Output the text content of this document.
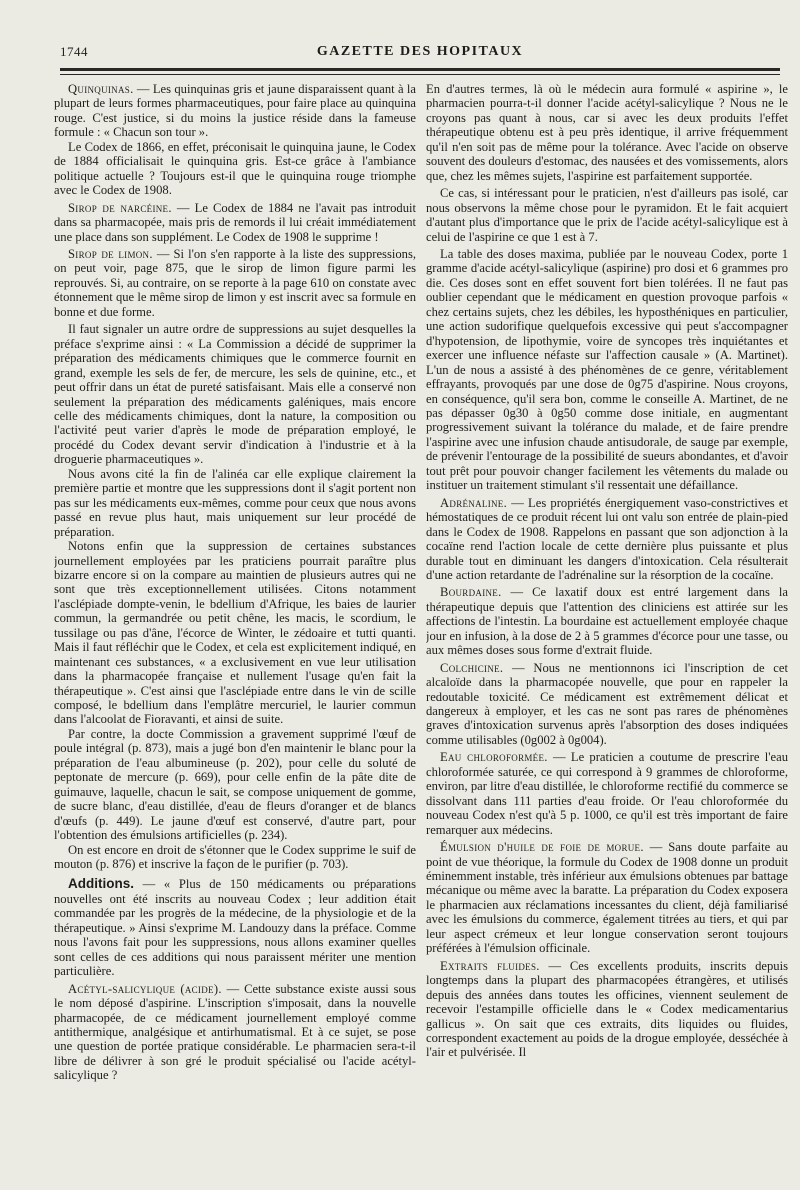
1744	GAZETTE DES HOPITAUX

Quinquinas. — Les quinquinas gris et jaune disparaissent quant à la plupart de leurs formes pharmaceutiques, pour faire place au quinquina rouge. C'est justice, si du moins la justice réside dans la fameuse formule : « Chacun son tour ».

Le Codex de 1866, en effet, préconisait le quinquina jaune, le Codex de 1884 officialisait le quinquina gris. Est-ce grâce à l'ambiance politique actuelle ? Toujours est-il que le quinquina rouge triomphe avec le Codex de 1908.

Sirop de narcéine. — Le Codex de 1884 ne l'avait pas introduit dans sa pharmacopée, mais pris de remords il lui créait immédiatement une place dans son supplément. Le Codex de 1908 le supprime !

Sirop de limon. — Si l'on s'en rapporte à la liste des suppressions, on peut voir, page 875, que le sirop de limon figure parmi les reprouvés. Si, au contraire, on se reporte à la page 610 on constate avec étonnement que le même sirop de limon y est inscrit avec sa formule en bonne et due forme.

Il faut signaler un autre ordre de suppressions au sujet desquelles la préface s'exprime ainsi : « La Commission a décidé de supprimer la préparation des médicaments chimiques que le commerce fournit en grand, exemple les sels de fer, de mercure, les sels de quinine, etc., et peut offrir dans un état de pureté satisfaisant. Mais elle a conservé non seulement la préparation des médicaments galéniques, mais encore celle des médicaments chimiques, dont la nature, la composition ou l'activité peut varier d'après le mode de préparation employé, le procédé du Codex devant servir d'indication à l'industrie et à la droguerie pharmaceutiques ».

Nous avons cité la fin de l'alinéa car elle explique clairement la première partie et montre que les suppressions dont il s'agit portent non pas sur les médicaments eux-mêmes, comme pour ceux que nous avons passé en revue plus haut, mais uniquement sur leur procédé de préparation.

Notons enfin que la suppression de certaines substances journellement employées par les praticiens pourrait paraître plus bizarre encore si on la compare au maintien de plusieurs autres qui ne sont que très exceptionnellement utilisées. Citons notamment l'asclépiade dompte-venin, le bdellium d'Afrique, les baies de laurier commun, la germandrée ou petit chêne, les macis, le scordium, le tussilage ou pas d'âne, l'écorce de Winter, le zédoaire et tutti quanti. Mais il faut réfléchir que le Codex, et cela est explicitement indiqué, en maintenant ces substances, « a exclusivement en vue leur utilisation dans la pharmacopée française et nullement l'usage qu'en fait la thérapeutique ». C'est ainsi que l'asclépiade entre dans le vin de scille composé, le bdellium dans l'emplâtre mercuriel, le laurier commun dans l'alcoolat de Fioravanti, et ainsi de suite.

Par contre, la docte Commission a gravement supprimé l'œuf de poule intégral (p. 873), mais a jugé bon d'en maintenir le blanc pour la préparation de l'eau albumineuse (p. 202), pour celle du soluté de peptonate de mercure (p. 669), pour celle enfin de la pâte dite de guimauve, laquelle, chacun le sait, se compose uniquement de gomme, de sucre blanc, d'eau distillée, d'eau de fleurs d'oranger et de blancs d'œufs (p. 449). Le jaune d'œuf est conservé, d'autre part, pour l'obtention des émulsions artificielles (p. 234).

On est encore en droit de s'étonner que le Codex supprime le suif de mouton (p. 876) et inscrive la façon de le purifier (p. 703).

Additions. — « Plus de 150 médicaments ou préparations nouvelles ont été inscrits au nouveau Codex ; leur addition était commandée par les progrès de la médecine, de la physiologie et de la thérapeutique. » Ainsi s'exprime M. Landouzy dans la préface. Comme nous l'avons fait pour les suppressions, nous allons examiner quelles sont celles de ces additions qui nous paraissent mériter une mention particulière.

Acétyl-salicylique (acide). — Cette substance existe aussi sous le nom déposé d'aspirine. L'inscription s'imposait, dans la nouvelle pharmacopée, de ce médicament journellement employé comme antithermique, analgésique et antirhumatismal. Et à ce sujet, se pose une question de portée pratique considérable. Le pharmacien sera-t-il libre de délivrer à son gré le produit spécialisé ou l'acide acétyl-salicylique ?

En d'autres termes, là où le médecin aura formulé « aspirine », le pharmacien pourra-t-il donner l'acide acétyl-salicylique ? Nous ne le croyons pas quant à nous, car si avec les deux produits l'effet thérapeutique obtenu est à peu près identique, il arrive fréquemment qu'il n'en soit pas de même pour la tolérance. Avec l'acide on observe souvent des douleurs d'estomac, des nausées et des vomissements, alors que, chez les mêmes sujets, l'aspirine est parfaitement supportée.

Ce cas, si intéressant pour le praticien, n'est d'ailleurs pas isolé, car nous observons la même chose pour le pyramidon. Et le fait acquiert d'autant plus d'importance que le prix de l'acide acétyl-salicylique est à celui de l'aspirine ce que 1 est à 7.

La table des doses maxima, publiée par le nouveau Codex, porte 1 gramme d'acide acétyl-salicylique (aspirine) pro dosi et 6 grammes pro die. Ces doses sont en effet souvent fort bien tolérées. Il ne faut pas oublier cependant que le médicament en question provoque parfois « chez certains sujets, chez les débiles, les hyposthéniques en particulier, une action sudorifique quelquefois excessive qui peut s'accompagner d'hypotension, de lipothymie, voire de syncopes très inquiétantes et exercer une influence néfaste sur l'affection causale » (A. Martinet). L'un de nous a assisté à des phénomènes de ce genre, véritablement effrayants, provoqués par une dose de 0g75 d'aspirine. Nous croyons, en conséquence, qu'il sera bon, comme le conseille A. Martinet, de ne pas dépasser 0g30 à 0g50 comme dose initiale, en augmentant progressivement suivant la tolérance du malade, et de faire prendre l'aspirine avec une infusion chaude antisudorale, de sauge par exemple, de prévenir l'entourage de la possibilité de sueurs abondantes, et d'avoir tout prêt pour pouvoir changer facilement les vêtements du malade ou instituer un traitement stimulant s'il ressentait une défaillance.

Adrénaline. — Les propriétés énergiquement vaso-constrictives et hémostatiques de ce produit récent lui ont valu son entrée de plain-pied dans le Codex de 1908. Rappelons en passant que son adjonction à la cocaïne rend l'action locale de cette dernière plus puissante et plus durable tout en diminuant les dangers d'intoxication. Cela résulterait d'une action retardante de l'adrénaline sur la résorption de la cocaïne.

Bourdaine. — Ce laxatif doux est entré largement dans la thérapeutique depuis que l'attention des cliniciens est attirée sur les affections de l'intestin. La bourdaine est actuellement employée chaque jour en infusion, à la dose de 2 à 5 grammes d'écorce pour une tasse, ou aux mêmes doses sous forme d'extrait fluide.

Colchicine. — Nous ne mentionnons ici l'inscription de cet alcaloïde dans la pharmacopée nouvelle, que pour en rappeler la redoutable toxicité. Ce médicament est extrêmement délicat et dangereux à employer, et les cas ne sont pas rares de phénomènes graves d'intoxication survenus après l'absorption des doses indiquées comme utilisables (0g002 à 0g004).

Eau chloroformée. — Le praticien a coutume de prescrire l'eau chloroformée saturée, ce qui correspond à 9 grammes de chloroforme, environ, par litre d'eau distillée, le chloroforme rectifié du commerce se dissolvant dans 111 parties d'eau froide. Or l'eau chloroformée du nouveau Codex n'est qu'à 5 p. 1000, ce qu'il est très important de faire remarquer aux médecins.

Émulsion d'huile de foie de morue. — Sans doute parfaite au point de vue théorique, la formule du Codex de 1908 donne un produit éminemment instable, très inférieur aux émulsions obtenues par battage mécanique ou même avec la baratte. La préparation du Codex exposera le pharmacien aux réclamations incessantes du client, déjà familiarisé avec les émulsions du commerce, également titrées au tiers, et qui par leur aspect crémeux et leur longue conservation seront toujours préférées à l'émulsion officinale.

Extraits fluides. — Ces excellents produits, inscrits depuis longtemps dans la plupart des pharmacopées étrangères, et utilisés depuis des années dans toutes les officines, viennent seulement de recevoir l'estampille officielle dans le « Codex medicamentarius gallicus ». On sait que ces extraits, dits liquides ou fluides, correspondent exactement au poids de la drogue employée, desséchée à l'air et pulvérisée. Il
